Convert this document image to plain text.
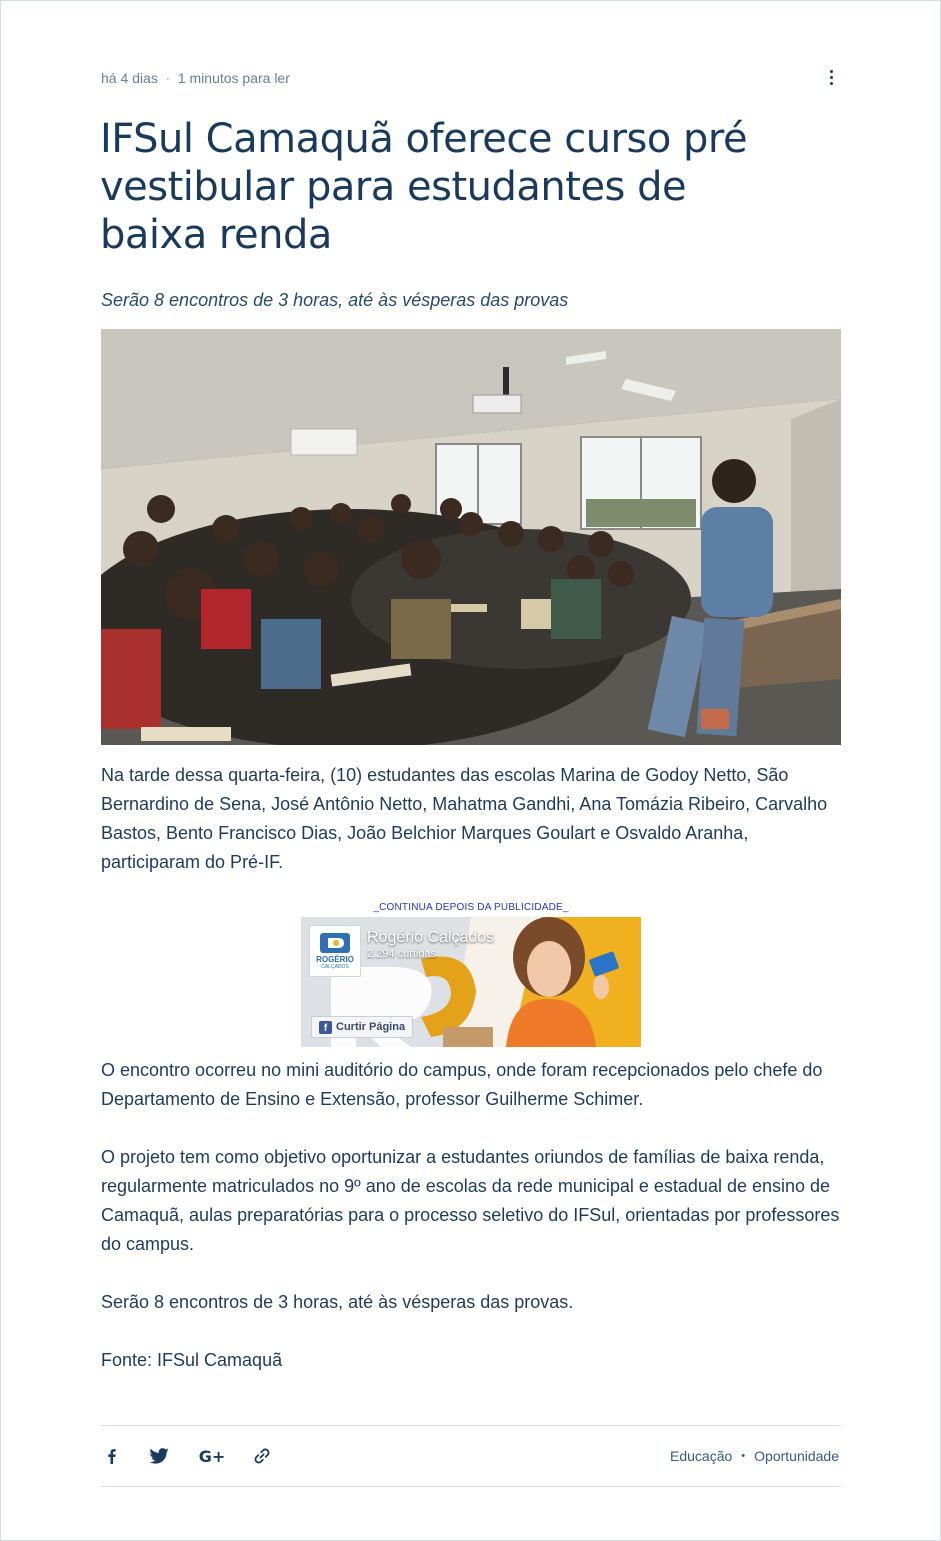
há 4 dias · 1 minutos para ler
IFSul Camaquã oferece curso pré vestibular para estudantes de baixa renda

Serão 8 encontros de 3 horas, até às vésperas das provas

Na tarde dessa quarta-feira, (10) estudantes das escolas Marina de Godoy Netto, São Bernardino de Sena, José Antônio Netto, Mahatma Gandhi, Ana Tomázia Ribeiro, Carvalho Bastos, Bento Francisco Dias, João Belchior Marques Goulart e Osvaldo Aranha, participaram do Pré-IF.

_CONTINUA DEPOIS DA PUBLICIDADE_
ROGÉRIO
CALÇADOS
Rogério Calçados
2.294 curtidas
f Curtir Página

O encontro ocorreu no mini auditório do campus, onde foram recepcionados pelo chefe do Departamento de Ensino e Extensão, professor Guilherme Schimer.

O projeto tem como objetivo oportunizar a estudantes oriundos de famílias de baixa renda, regularmente matriculados no 9º ano de escolas da rede municipal e estadual de ensino de Camaquã, aulas preparatórias para o processo seletivo do IFSul, orientadas por professores do campus.

Serão 8 encontros de 3 horas, até às vésperas das provas.

Fonte: IFSul Camaquã

G+	Educação • Oportunidade
